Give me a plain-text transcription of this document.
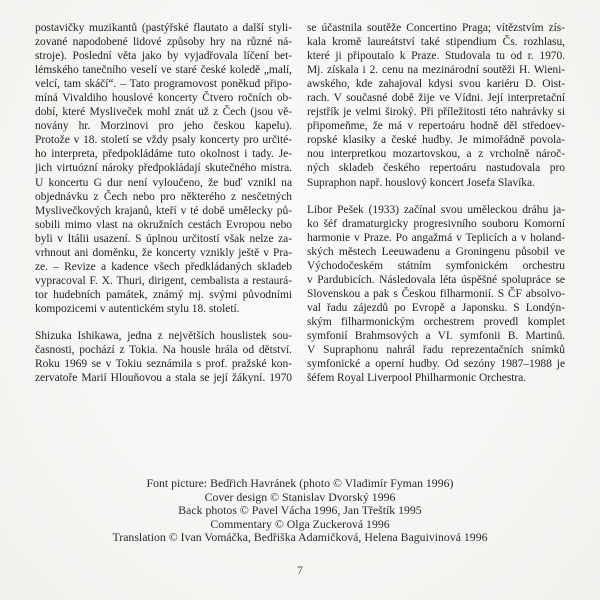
postavičky muzikantů (pastýřské flautato a další styli-
zované napodobené lidové způsoby hry na různé ná-
stroje). Poslední věta jako by vyjadřovala líčení bet-
lémského tanečního veselí ve staré české koledě „malí,
velcí, tam skáčí“. – Tato programovost poněkud připo-
míná Vivaldiho houslové koncerty Čtvero ročních ob-
dobí, které Mysliveček mohl znát už z Čech (jsou vě-
novány hr. Morzinovi pro jeho českou kapelu).
Protože v 18. století se vždy psaly koncerty pro určité-
ho interpreta, předpokládáme tuto okolnost i tady. Je-
jich virtuózní nároky předpokládají skutečného mistra.
U koncertu G dur není vyloučeno, že buď vznikl na
objednávku z Čech nebo pro některého z nesčetných
Myslivečkových krajanů, kteří v té době umělecky pů-
sobili mimo vlast na okružních cestách Evropou nebo
byli v Itálii usazení. S úplnou určitostí však nelze za-
vrhnout ani doměnku, že koncerty vznikly ještě v Pra-
ze. – Revize a kadence všech předkládaných skladeb
vypracoval F. X. Thuri, dirigent, cembalista a restaurá-
tor hudebních památek, známý mj. svými původními
kompozicemi v autentickém stylu 18. století.
Shizuka Ishikawa, jedna z největších houslistek sou-
časnosti, pochází z Tokia. Na housle hrála od dětství.
Roku 1969 se v Tokiu seznámila s prof. pražské kon-
zervatoře Marií Hlouňovou a stala se její žákyní. 1970
se účastnila soutěže Concertino Praga; vítězstvím zís-
kala kromě laureátství také stipendium Čs. rozhlasu,
které ji připoutalo k Praze. Studovala tu od r. 1970.
Mj. získala i 2. cenu na mezinárodní soutěži H. Wieni-
awského, kde zahajoval kdysi svou kariéru D. Oist-
rach. V současné době žije ve Vídni. Její interpretační
rejstřík je velmi široký. Při příležitosti této nahrávky si
připomeňme, že má v repertoáru hodně děl středoev-
ropské klasiky a české hudby. Je mimořádně povola-
nou interpretkou mozartovskou, a z vrcholně nároč-
ných skladeb českého repertoáru nastudovala pro
Supraphon např. houslový koncert Josefa Slavíka.
Libor Pešek (1933) začínal svou uměleckou dráhu ja-
ko šéf dramaturgicky progresivního souboru Komorní
harmonie v Praze. Po angažmá v Teplicích a v holand-
ských městech Leeuwadenu a Groningenu působil ve
Východočeském státním symfonickém orchestru
v Pardubicích. Následovala léta úspěšné spolupráce se
Slovenskou a pak s Českou filharmonií. S ČF absolvo-
val řadu zájezdů po Evropě a Japonsku. S Londýn-
ským filharmonickým orchestrem provedl komplet
symfonií Brahmsových a VI. symfonii B. Martinů.
V Supraphonu nahrál řadu reprezentačních snímků
symfonické a operní hudby. Od sezóny 1987–1988 je
šéfem Royal Liverpool Philharmonic Orchestra.
Font picture: Bedřich Havránek (photo © Vladimír Fyman 1996)
Cover design © Stanislav Dvorský 1996
Back photos © Pavel Vácha 1996, Jan Třeštík 1995
Commentary © Olga Zuckerová 1996
Translation © Ivan Vomáčka, Bedřiška Adamičková, Helena Baguivinová 1996
7
